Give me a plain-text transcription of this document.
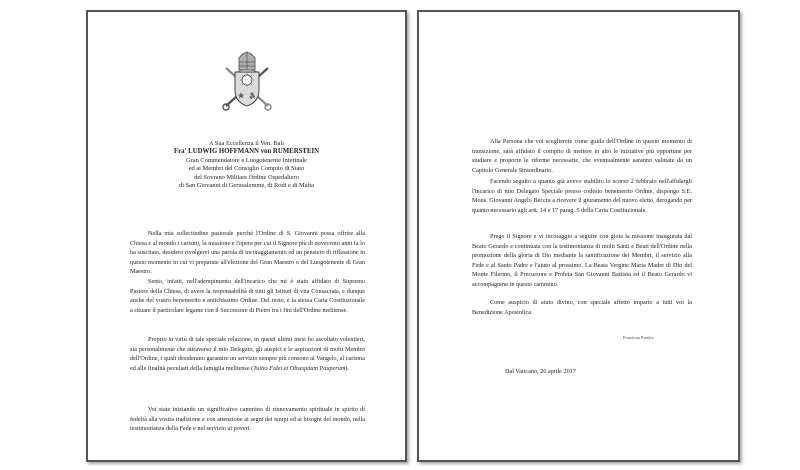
A Sua Eccellenza il Ven. Bali
Fra' LUDWIG HOFFMANN von RUMERSTEIN
Gran Commendatore e Luogotenente Interinale
ed ai Membri del Consiglio Compito di Stato
del Sovrano Militare Ordine Ospedaliero
di San Giovanni di Gerusalemme, di Rodi e di Malta

Nella mia sollecitudine pastorale perché l'Ordine di S. Giovanni possa offrire alla Chiesa e al mondo i carismi, la missione e l'opera per cui il Signore più di novecento anni fa lo ha suscitato, desidero rivolgervi una parola di incoraggiamento ed un pensiero di riflessione in questo momento in cui vi preparate all'elezione del Gran Maestro o del Luogotenente di Gran Maestro.

Sento, infatti, nell'adempimento dell'incarico che mi è stato affidato di Supremo Pastore della Chiesa, di avere la responsabilità di tutti gli Istituti di vita Consacrata, e dunque anche del vostro benemerito e antichissimo Ordine. Del resto, è la stessa Carta Costituzionale a situare il particolare legame con il Successore di Pietro tra i fini dell'Ordine melitense.

Proprio in virtù di tale speciale relazione, in questi ultimi mesi ho ascoltato volentieri, sia personalmente che attraverso il mio Delegato, gli auspici e le aspirazioni di molti Membri dell'Ordine, i quali desiderano garantire un servizio sempre più consono al Vangelo, al carisma ed alle finalità peculiari della famiglia melitense (Tuitio Fidei et Obsequium Pauperum).

Voi state iniziando un significativo cammino di rinnovamento spirituale in spirito di fedeltà alla vostra tradizione e con attenzione ai segni dei tempi ed ai bisogni del mondo, nella testimonianza della Fede e nel servizio ai poveri.

Alla Persona che voi sceglierete come guida dell'Ordine in questo momento di transizione, sarà affidato il compito di mettere in atto le iniziative più opportune per studiare e proporre le riforme necessarie, che eventualmente saranno valutate da un Capitolo Generale Straordinario.

Facendo seguito a quanto già avevo stabilito lo scorso 2 febbraio nell'affidargli l'incarico di mio Delegato Speciale presso codesto benemerito Ordine, dispongo S.E. Mons. Giovanni Angelo Becciu a ricevere il giuramento del nuovo eletto, derogando per quanto necessario agli artt. 14 e 17 parag. 5 della Carta Costituzionale.

Prego il Signore e vi incoraggio a seguire con gioia la missione inaugurata dal Beato Gerardo e continuata con la testimonianza di molti Santi e Beati dell'Ordine nella promozione della gloria di Dio mediante la santificazione dei Membri, il servizio alla Fede e al Santo Padre e l'aiuto al prossimo. La Beata Vergine Maria Madre di Dio del Monte Filermo, il Precursore e Profeta San Giovanni Battista ed il Beato Gerardo vi accompagnino in questo cammino.

Come auspicio di aiuto divino, con speciale affetto imparto a tutti voi la Benedizione Apostolica.

Franciscus Pontifex
Dal Vaticano, 26 aprile 2017
